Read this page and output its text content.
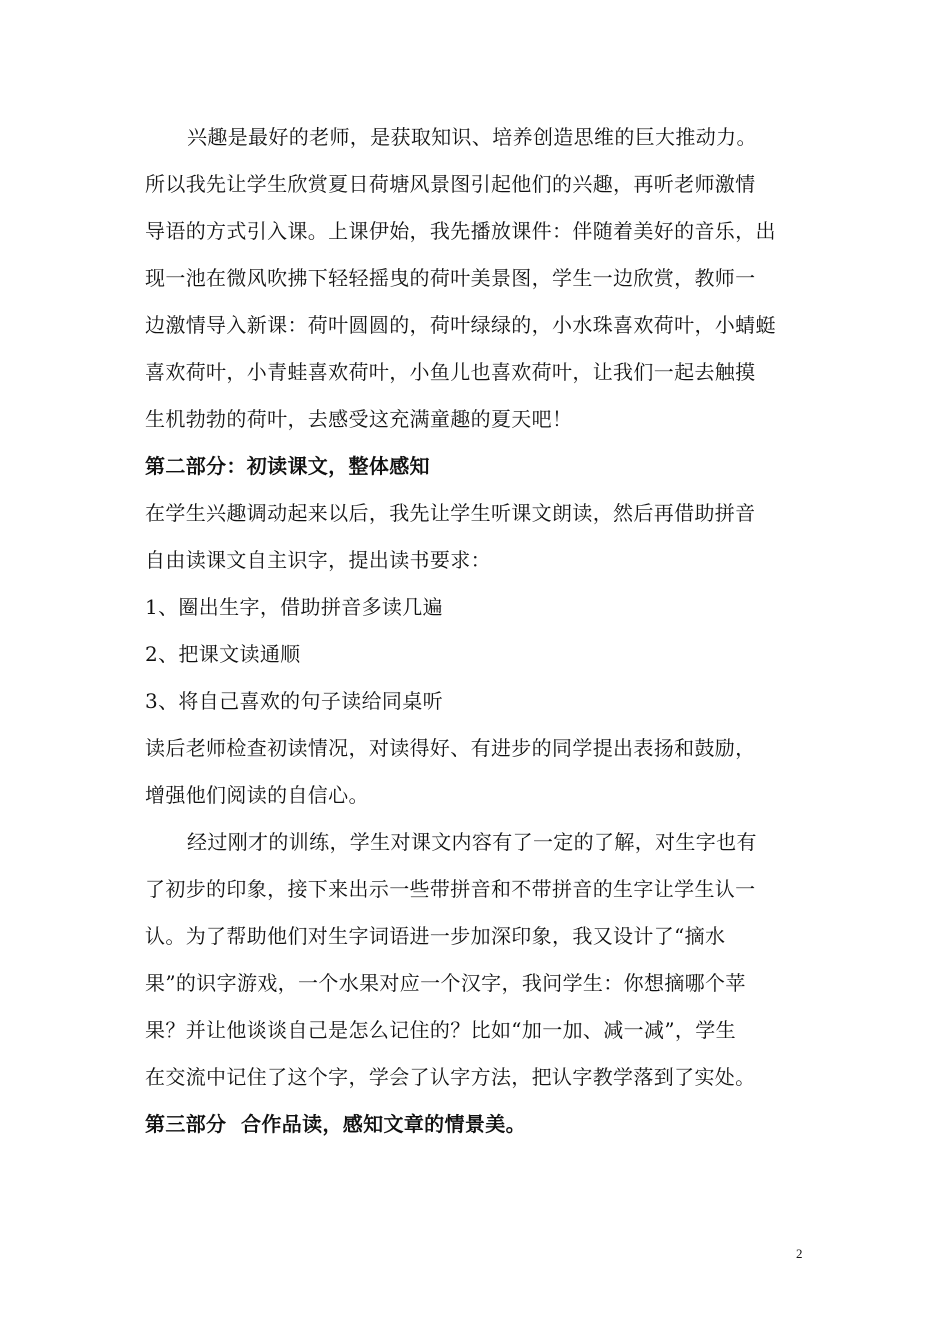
兴趣是最好的老师，是获取知识、培养创造思维的巨大推动力。
所以我先让学生欣赏夏日荷塘风景图引起他们的兴趣，再听老师激情
导语的方式引入课。上课伊始，我先播放课件：伴随着美好的音乐，出
现一池在微风吹拂下轻轻摇曳的荷叶美景图，学生一边欣赏，教师一
边激情导入新课：荷叶圆圆的，荷叶绿绿的，小水珠喜欢荷叶，小蜻蜓
喜欢荷叶，小青蛙喜欢荷叶，小鱼儿也喜欢荷叶，让我们一起去触摸
生机勃勃的荷叶，去感受这充满童趣的夏天吧！
第二部分：初读课文，整体感知
在学生兴趣调动起来以后，我先让学生听课文朗读，然后再借助拼音
自由读课文自主识字，提出读书要求：
1、圈出生字，借助拼音多读几遍
2、把课文读通顺
3、将自己喜欢的句子读给同桌听
读后老师检查初读情况，对读得好、有进步的同学提出表扬和鼓励，
增强他们阅读的自信心。
经过刚才的训练，学生对课文内容有了一定的了解，对生字也有
了初步的印象，接下来出示一些带拼音和不带拼音的生字让学生认一
认。为了帮助他们对生字词语进一步加深印象，我又设计了“摘水
果”的识字游戏，一个水果对应一个汉字，我问学生：你想摘哪个苹
果？并让他谈谈自己是怎么记住的？比如“加一加、减一减”，学生
在交流中记住了这个字，学会了认字方法，把认字教学落到了实处。
第三部分  合作品读，感知文章的情景美。
2
